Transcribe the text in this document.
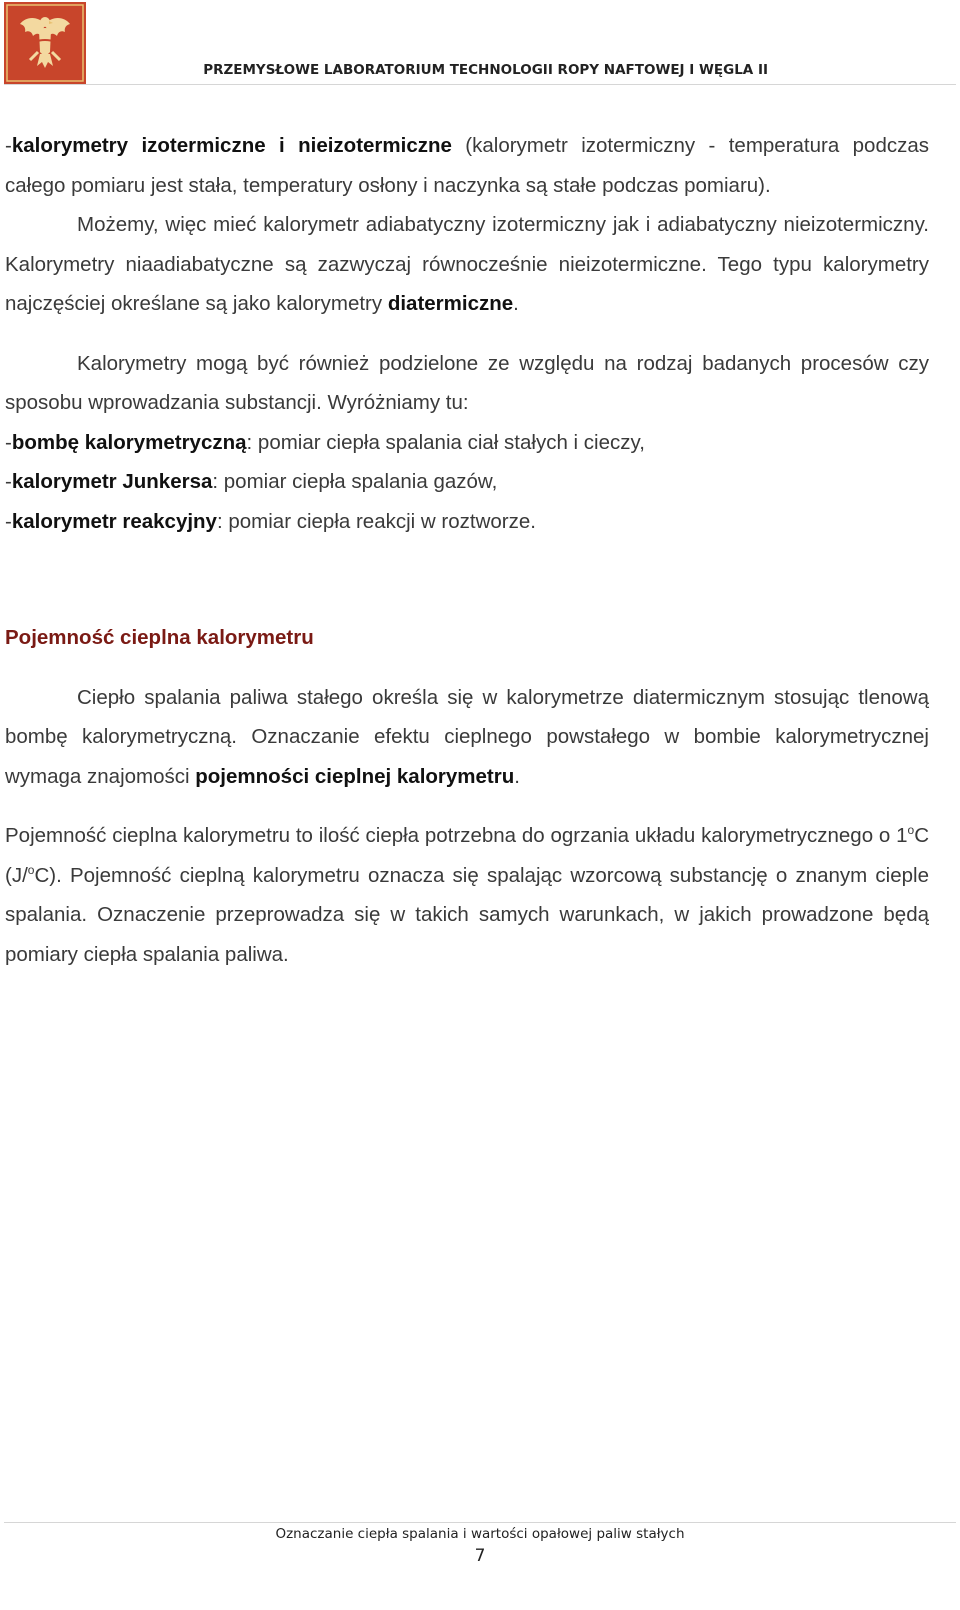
PRZEMYSŁOWE LABORATORIUM TECHNOLOGII ROPY NAFTOWEJ I WĘGLA II

-kalorymetry izotermiczne i nieizotermiczne (kalorymetr izotermiczny - temperatura podczas całego pomiaru jest stała, temperatury osłony i naczynka są stałe podczas pomiaru).

Możemy, więc mieć kalorymetr adiabatyczny izotermiczny jak i adiabatyczny nieizotermiczny. Kalorymetry niaadiabatyczne są zazwyczaj równocześnie nieizotermiczne. Tego typu kalorymetry najczęściej określane są jako kalorymetry diatermiczne.

Kalorymetry mogą być również podzielone ze względu na rodzaj badanych procesów czy sposobu wprowadzania substancji. Wyróżniamy tu:

-bombę kalorymetryczną: pomiar ciepła spalania ciał stałych i cieczy,

-kalorymetr Junkersa: pomiar ciepła spalania gazów,

-kalorymetr reakcyjny: pomiar ciepła reakcji w roztworze.

Pojemność cieplna kalorymetru

Ciepło spalania paliwa stałego określa się w kalorymetrze diatermicznym stosując tlenową bombę kalorymetryczną. Oznaczanie efektu cieplnego powstałego w bombie kalorymetrycznej wymaga znajomości pojemności cieplnej kalorymetru.

Pojemność cieplna kalorymetru to ilość ciepła potrzebna do ogrzania układu kalorymetrycznego o 1$^o$C (J/$^o$C). Pojemność cieplną kalorymetru oznacza się spalając wzorcową substancję o znanym cieple spalania. Oznaczenie przeprowadza się w takich samych warunkach, w jakich prowadzone będą pomiary ciepła spalania paliwa.

Oznaczanie ciepła spalania i wartości opałowej paliw stałych
7
